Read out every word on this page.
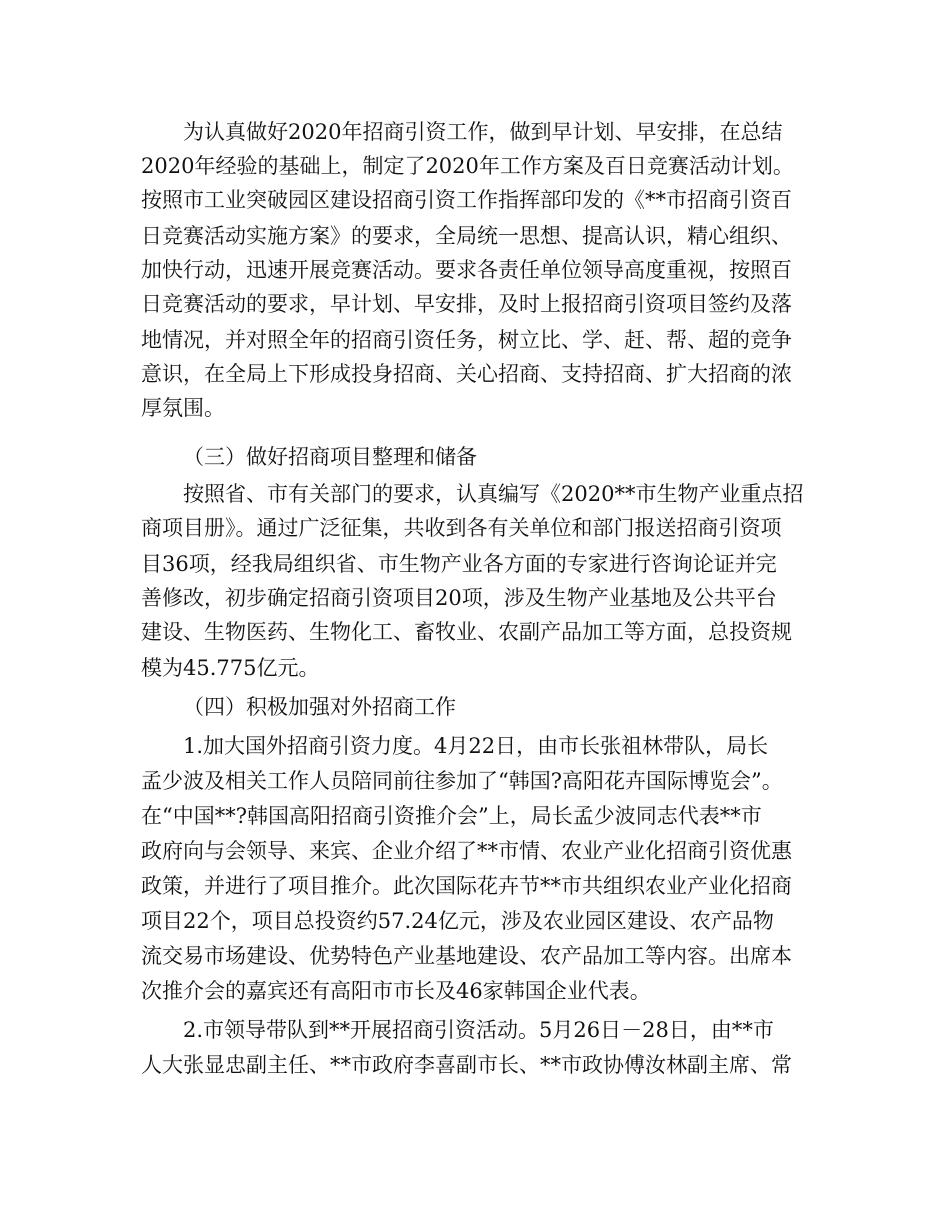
为认真做好2020年招商引资工作，做到早计划、早安排，在总结
2020年经验的基础上，制定了2020年工作方案及百日竞赛活动计划。
按照市工业突破园区建设招商引资工作指挥部印发的《**市招商引资百
日竞赛活动实施方案》的要求，全局统一思想、提高认识，精心组织、
加快行动，迅速开展竞赛活动。要求各责任单位领导高度重视，按照百
日竞赛活动的要求，早计划、早安排，及时上报招商引资项目签约及落
地情况，并对照全年的招商引资任务，树立比、学、赶、帮、超的竞争
意识，在全局上下形成投身招商、关心招商、支持招商、扩大招商的浓
厚氛围。
（三）做好招商项目整理和储备
按照省、市有关部门的要求，认真编写《2020**市生物产业重点招
商项目册》。通过广泛征集，共收到各有关单位和部门报送招商引资项
目36项，经我局组织省、市生物产业各方面的专家进行咨询论证并完
善修改，初步确定招商引资项目20项，涉及生物产业基地及公共平台
建设、生物医药、生物化工、畜牧业、农副产品加工等方面，总投资规
模为45.775亿元。
（四）积极加强对外招商工作
1.加大国外招商引资力度。4月22日，由市长张祖林带队，局长
孟少波及相关工作人员陪同前往参加了“韩国?高阳花卉国际博览会”。
在“中国**?韩国高阳招商引资推介会”上，局长孟少波同志代表**市
政府向与会领导、来宾、企业介绍了**市情、农业产业化招商引资优惠
政策，并进行了项目推介。此次国际花卉节**市共组织农业产业化招商
项目22个，项目总投资约57.24亿元，涉及农业园区建设、农产品物
流交易市场建设、优势特色产业基地建设、农产品加工等内容。出席本
次推介会的嘉宾还有高阳市市长及46家韩国企业代表。
2.市领导带队到**开展招商引资活动。5月26日－28日，由**市
人大张显忠副主任、**市政府李喜副市长、**市政协傅汝林副主席、常
